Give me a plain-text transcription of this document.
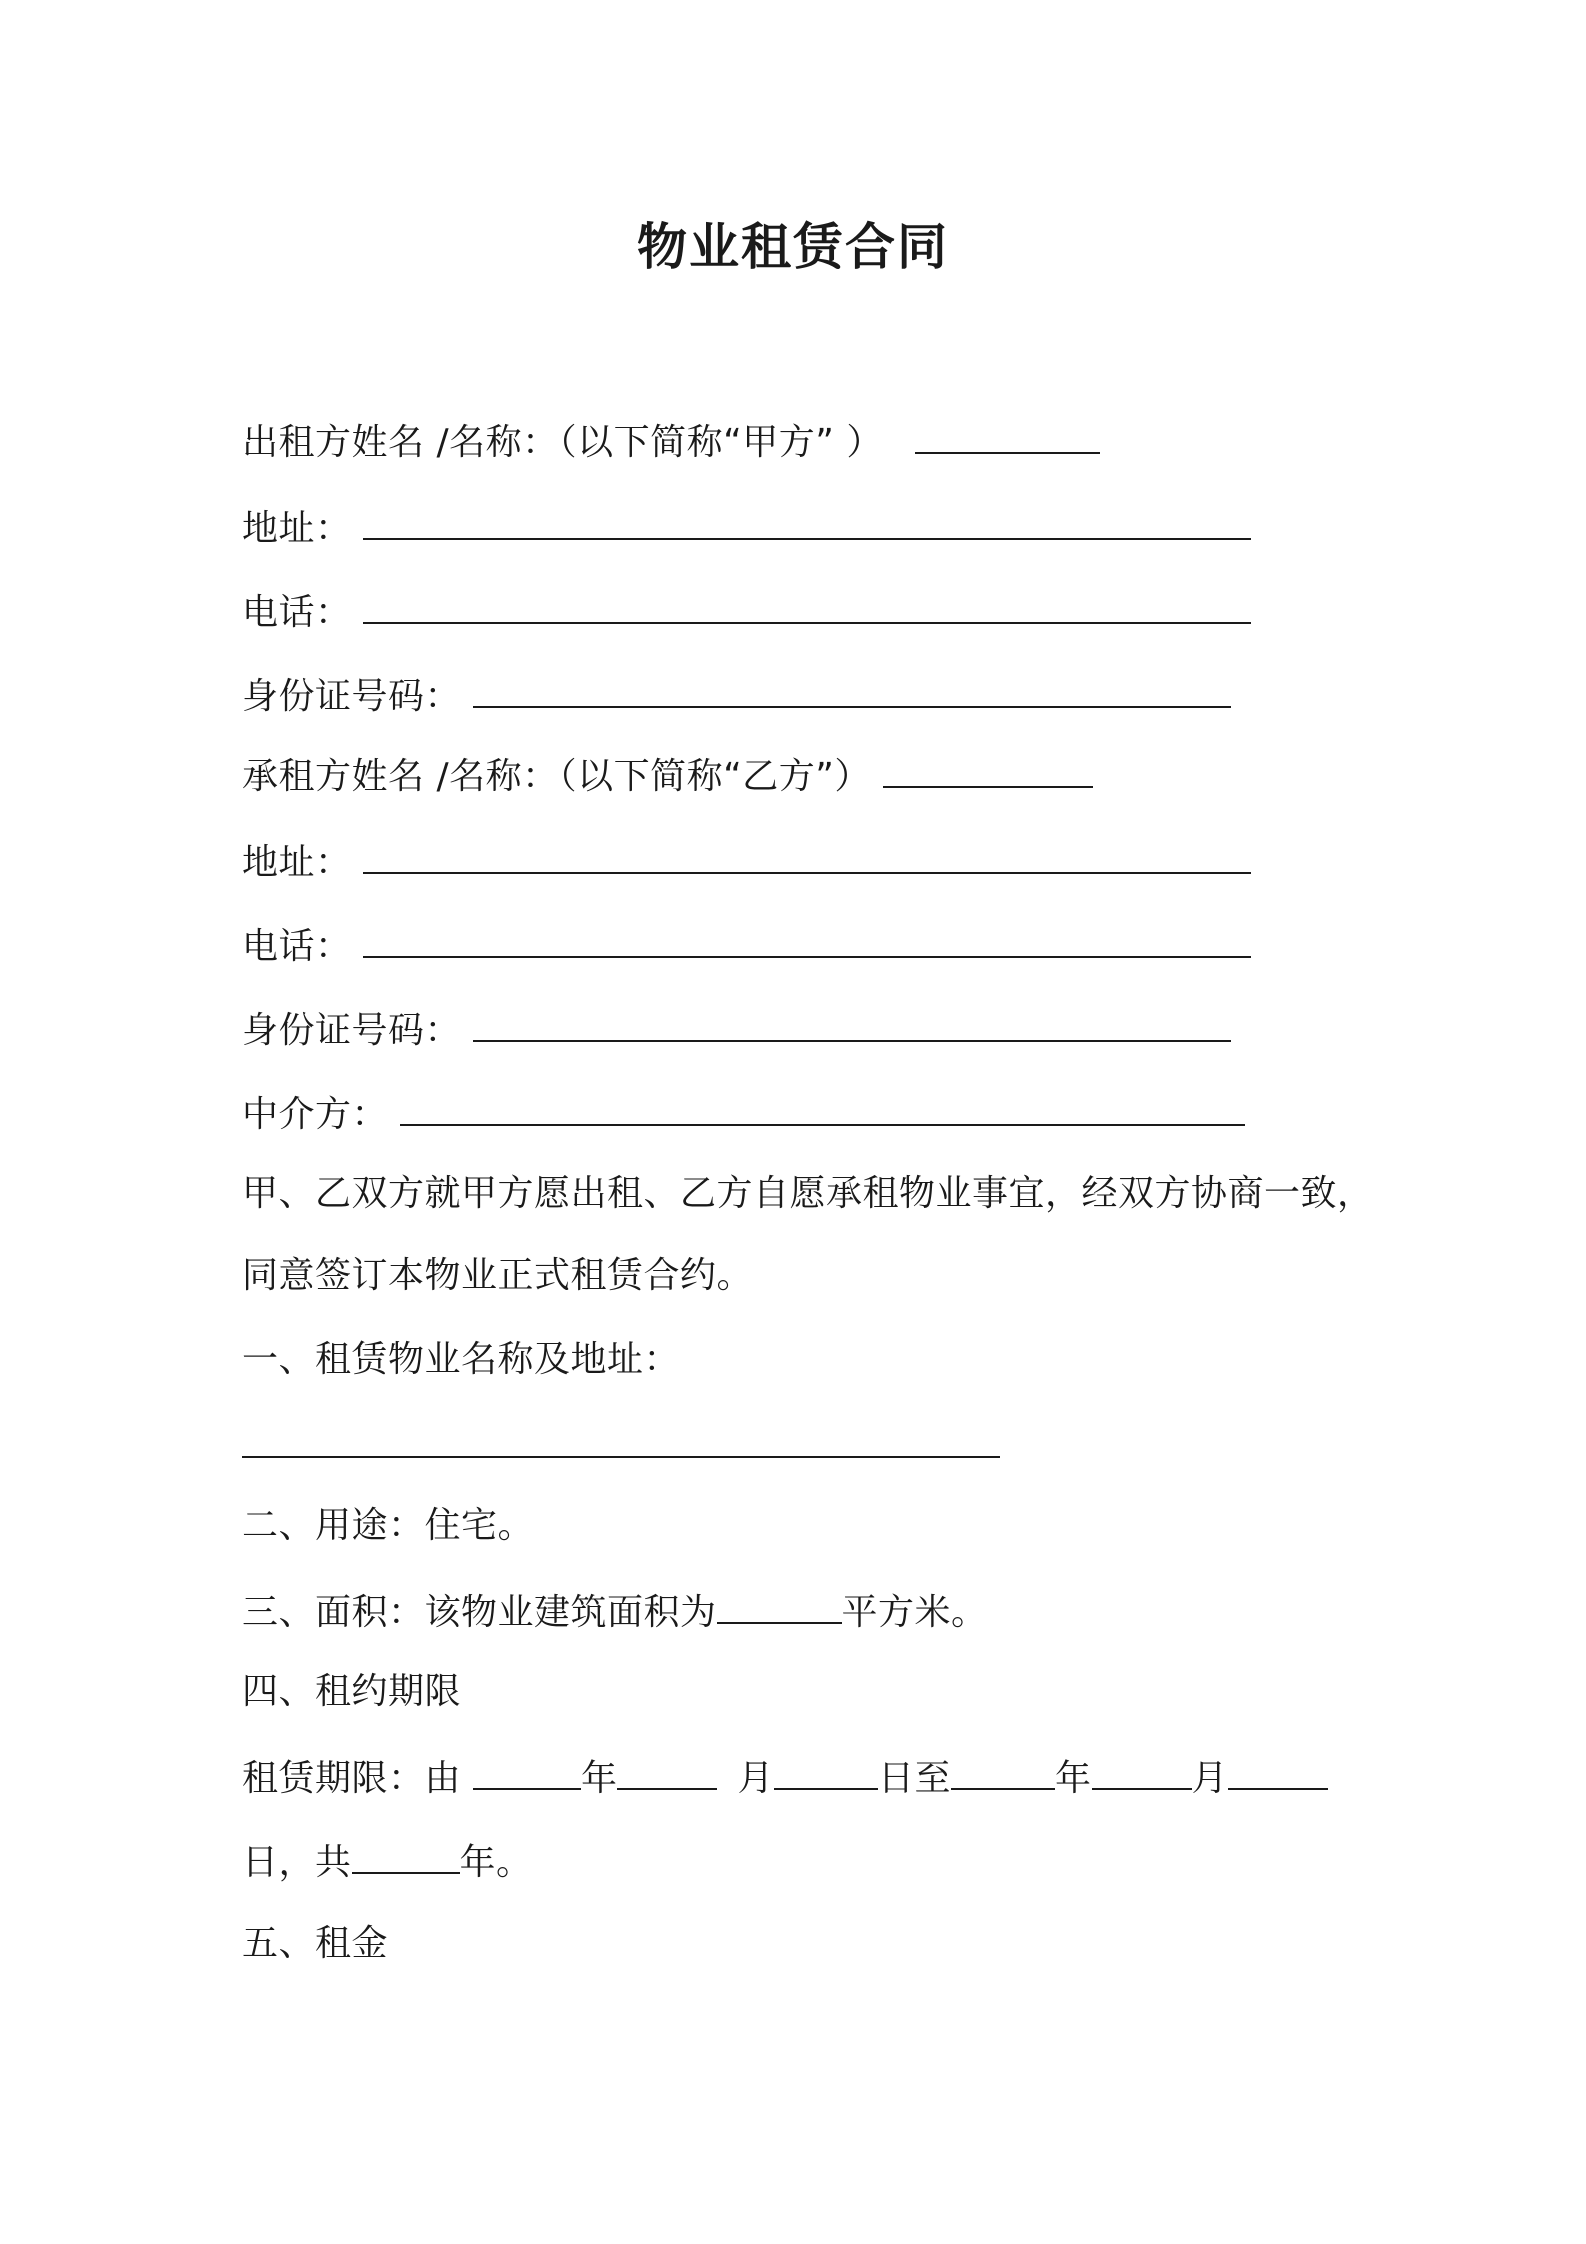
物业租赁合同
出租方姓名 /名称：（以下简称“甲方” ）
地址：
电话：
身份证号码：
承租方姓名 /名称：（以下简称“乙方”）
地址：
电话：
身份证号码：
中介方：
甲、乙双方就甲方愿出租、乙方自愿承租物业事宜，经双方协商一致，
同意签订本物业正式租赁合约。
一、租赁物业名称及地址：
二、用途：住宅。
三、面积：该物业建筑面积为	平方米。
四、租约期限
租赁期限：由	年	月	日至	年	月
日，共	年。
五、租金
